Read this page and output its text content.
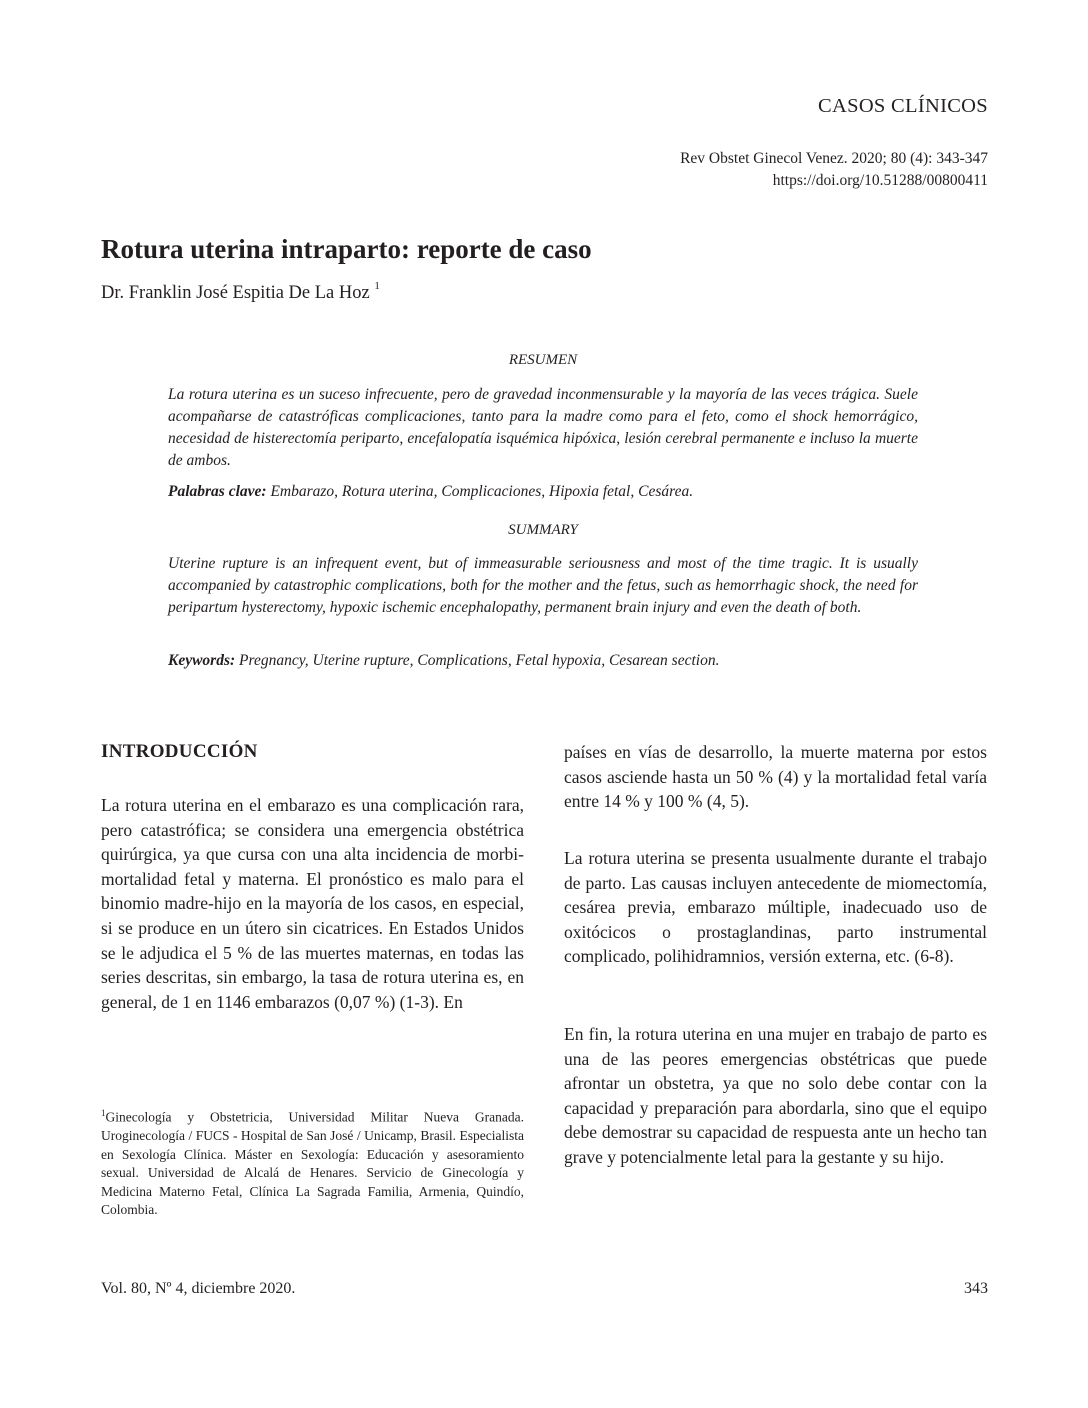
CASOS CLÍNICOS
Rev Obstet Ginecol Venez. 2020; 80 (4): 343-347
https://doi.org/10.51288/00800411
Rotura uterina intraparto: reporte de caso
Dr. Franklin José Espitia De La Hoz $^1$
RESUMEN

La rotura uterina es un suceso infrecuente, pero de gravedad inconmensurable y la mayoría de las veces trágica. Suele acompañarse de catastróficas complicaciones, tanto para la madre como para el feto, como el shock hemorrágico, necesidad de histerectomía periparto, encefalopatía isquémica hipóxica, lesión cerebral permanente e incluso la muerte de ambos.

Palabras clave: Embarazo, Rotura uterina, Complicaciones, Hipoxia fetal, Cesárea.
SUMMARY

Uterine rupture is an infrequent event, but of immeasurable seriousness and most of the time tragic. It is usually accompanied by catastrophic complications, both for the mother and the fetus, such as hemorrhagic shock, the need for peripartum hysterectomy, hypoxic ischemic encephalopathy, permanent brain injury and even the death of both.

Keywords: Pregnancy, Uterine rupture, Complications, Fetal hypoxia, Cesarean section.
INTRODUCCIÓN

La rotura uterina en el embarazo es una complicación rara, pero catastrófica; se considera una emergencia obstétrica quirúrgica, ya que cursa con una alta incidencia de morbi-mortalidad fetal y materna. El pronóstico es malo para el binomio madre-hijo en la mayoría de los casos, en especial, si se produce en un útero sin cicatrices. En Estados Unidos se le adjudica el 5 % de las muertes maternas, en todas las series descritas, sin embargo, la tasa de rotura uterina es, en general, de 1 en 1146 embarazos (0,07 %) (1-3). En

países en vías de desarrollo, la muerte materna por estos casos asciende hasta un 50 % (4) y la mortalidad fetal varía entre 14 % y 100 % (4, 5).

La rotura uterina se presenta usualmente durante el trabajo de parto. Las causas incluyen antecedente de miomectomía, cesárea previa, embarazo múltiple, inadecuado uso de oxitócicos o prostaglandinas, parto instrumental complicado, polihidramnios, versión externa, etc. (6-8).

En fin, la rotura uterina en una mujer en trabajo de parto es una de las peores emergencias obstétricas que puede afrontar un obstetra, ya que no solo debe contar con la capacidad y preparación para abordarla, sino que el equipo debe demostrar su capacidad de respuesta ante un hecho tan grave y potencialmente letal para la gestante y su hijo.

$^1$Ginecología y Obstetricia, Universidad Militar Nueva Granada. Uroginecología / FUCS - Hospital de San José / Unicamp, Brasil. Especialista en Sexología Clínica. Máster en Sexología: Educación y asesoramiento sexual. Universidad de Alcalá de Henares. Servicio de Ginecología y Medicina Materno Fetal, Clínica La Sagrada Familia, Armenia, Quindío, Colombia.

Vol. 80, Nº 4, diciembre 2020.	343
